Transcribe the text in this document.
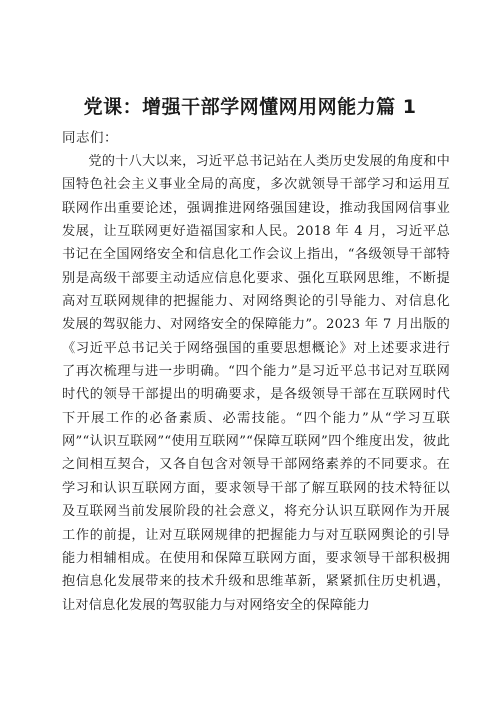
党课：增强干部学网懂网用网能力篇 1
同志们：

党的十八大以来，习近平总书记站在人类历史发展的角度和中国特色社会主义事业全局的高度，多次就领导干部学习和运用互联网作出重要论述，强调推进网络强国建设，推动我国网信事业发展，让互联网更好造福国家和人民。2018 年 4 月，习近平总书记在全国网络安全和信息化工作会议上指出，“各级领导干部特别是高级干部要主动适应信息化要求、强化互联网思维，不断提高对互联网规律的把握能力、对网络舆论的引导能力、对信息化发展的驾驭能力、对网络安全的保障能力”。2023 年 7 月出版的《习近平总书记关于网络强国的重要思想概论》对上述要求进行了再次梳理与进一步明确。“四个能力”是习近平总书记对互联网时代的领导干部提出的明确要求，是各级领导干部在互联网时代下开展工作的必备素质、必需技能。“四个能力”从“学习互联网”“认识互联网”“使用互联网”“保障互联网”四个维度出发，彼此之间相互契合，又各自包含对领导干部网络素养的不同要求。在学习和认识互联网方面，要求领导干部了解互联网的技术特征以及互联网当前发展阶段的社会意义，将充分认识互联网作为开展工作的前提，让对互联网规律的把握能力与对互联网舆论的引导能力相辅相成。在使用和保障互联网方面，要求领导干部积极拥抱信息化发展带来的技术升级和思维革新，紧紧抓住历史机遇，让对信息化发展的驾驭能力与对网络安全的保障能力
